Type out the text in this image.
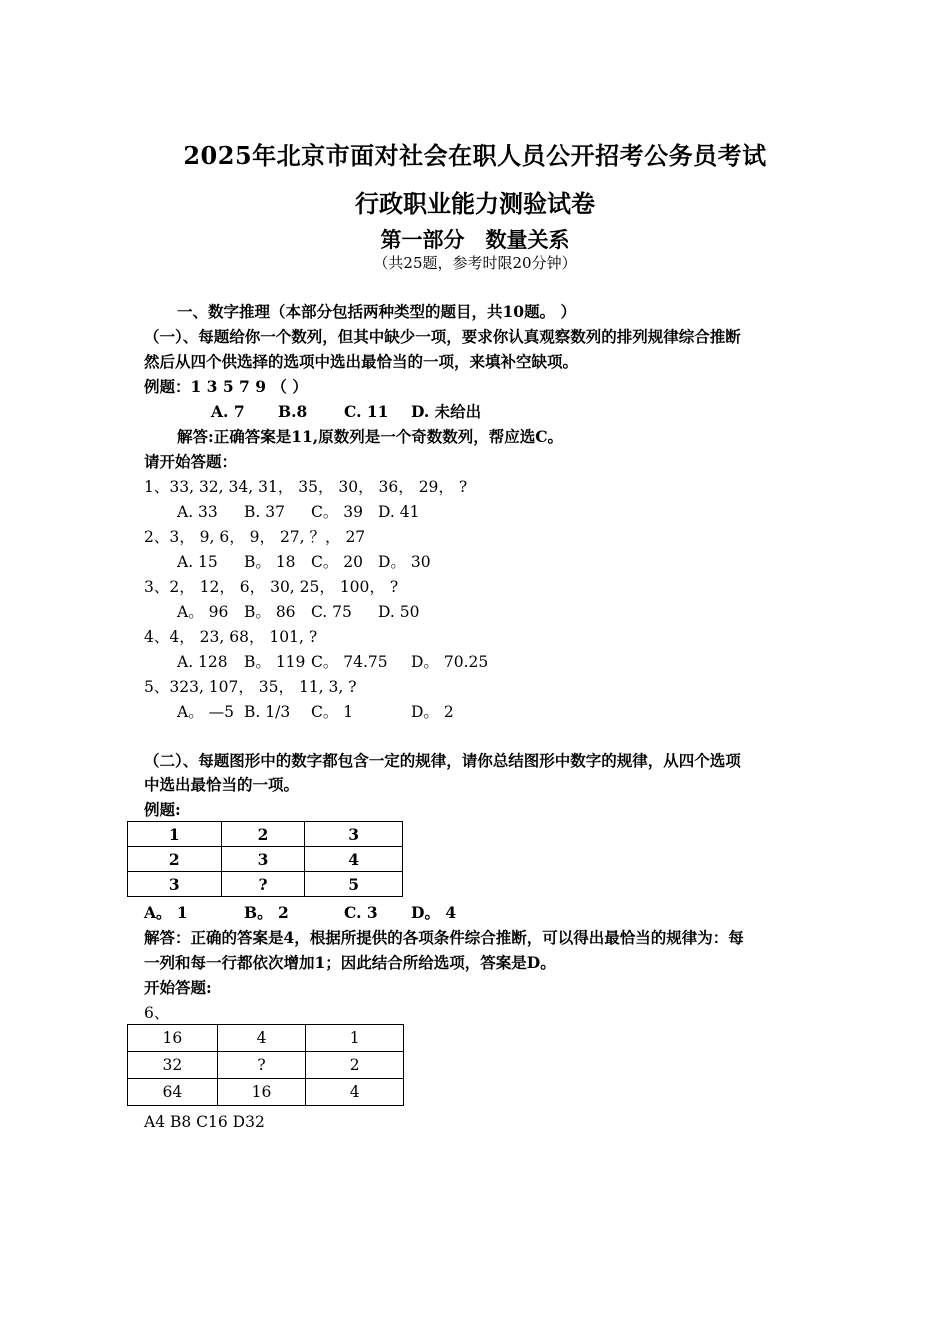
2025年北京市面对社会在职人员公开招考公务员考试
行政职业能力测验试卷
第一部分　数量关系
（共25题，参考时限20分钟）
一、数字推理（本部分包括两种类型的题目，共10题。 ）
（一）、每题给你一个数列，但其中缺少一项，要求你认真观察数列的排列规律综合推断
然后从四个供选择的选项中选出最恰当的一项，来填补空缺项。
例题：1 3 5 7 9 （ ）
A. 7 B.8 C. 11 D. 未给出
解答:正确答案是11,原数列是一个奇数数列，帮应选C。
请开始答题：
1、33, 32, 34, 31， 35， 30， 36， 29， ?
A. 33 B. 37 C。 39 D. 41
2、3， 9, 6， 9， 27, ？， 27
A. 15 B。 18 C。 20 D。 30
3、2， 12， 6， 30, 25， 100， ?
A。 96 B。 86 C. 75 D. 50
4、4， 23, 68， 101, ?
A. 128 B。 119 C。 74.75 D。 70.25
5、323, 107， 35， 11, 3, ?
A。 —5 B. 1/3 C。 1	D。 2
（二）、每题图形中的数字都包含一定的规律，请你总结图形中数字的规律，从四个选项
中选出最恰当的一项。
例题:
1	2	3
2	3	4
3	?	5
A。 1	B。 2	C. 3 D。 4
解答：正确的答案是4，根据所提供的各项条件综合推断，可以得出最恰当的规律为：每
一列和每一行都依次增加1；因此结合所给选项，答案是D。
开始答题:
6、
16	4	1
32	?	2
64	16	4
A4 B8 C16 D32
